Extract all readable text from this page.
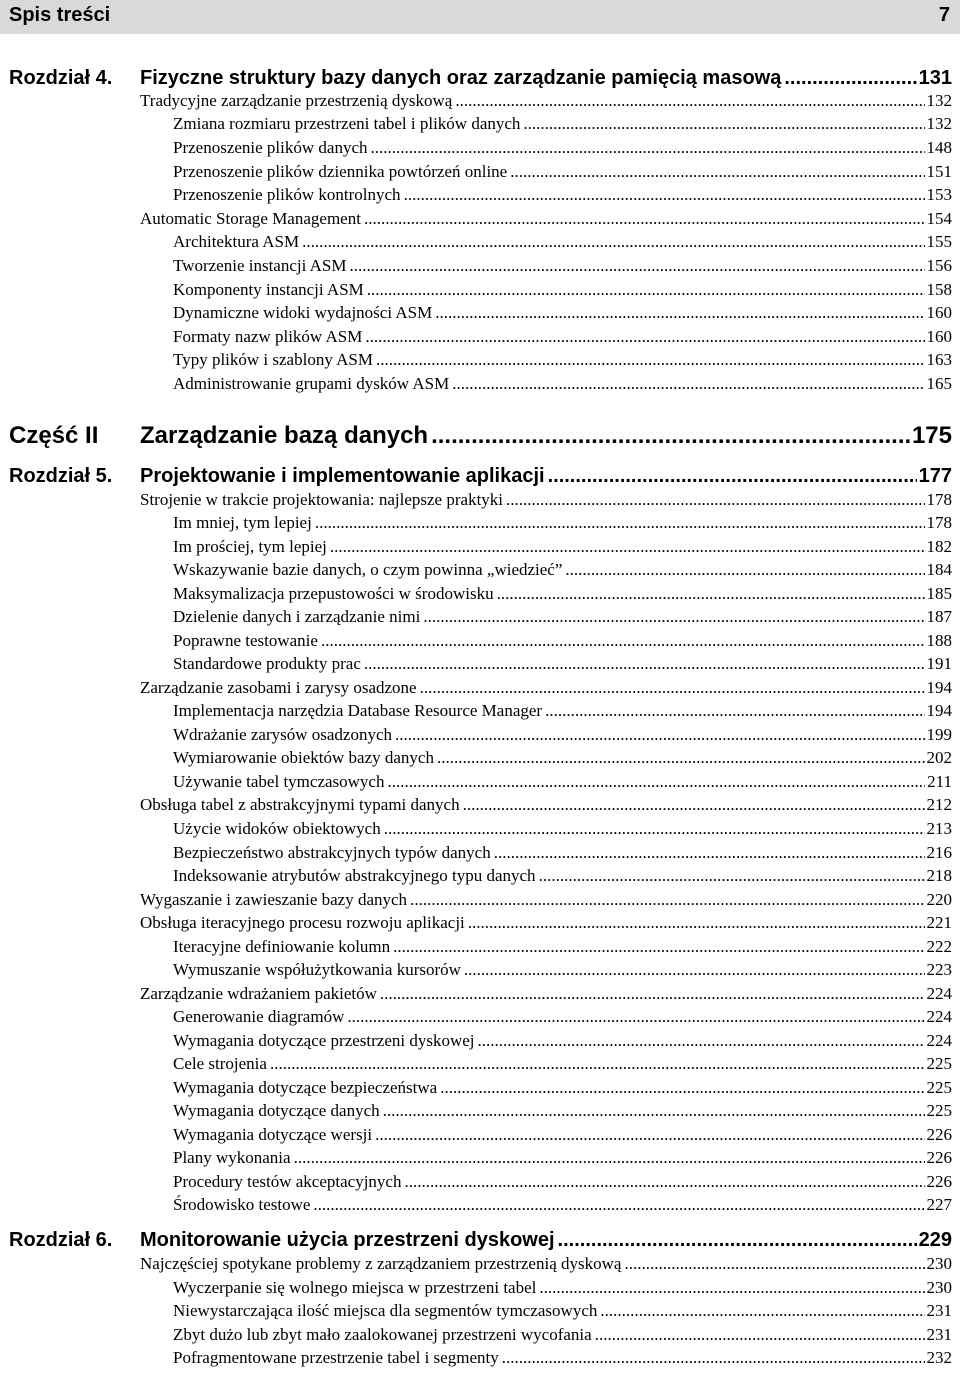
Spis treści	7
Rozdział 4. Fizyczne struktury bazy danych oraz zarządzanie pamięcią masową .....	131
Tradycyjne zarządzanie przestrzenią dyskową .....	132
Zmiana rozmiaru przestrzeni tabel i plików danych .....	132
Przenoszenie plików danych .....	148
Przenoszenie plików dziennika powtórzeń online .....	151
Przenoszenie plików kontrolnych .....	153
Automatic Storage Management .....	154
Architektura ASM .....	155
Tworzenie instancji ASM .....	156
Komponenty instancji ASM .....	158
Dynamiczne widoki wydajności ASM .....	160
Formaty nazw plików ASM .....	160
Typy plików i szablony ASM .....	163
Administrowanie grupami dysków ASM .....	165
Część II Zarządzanie bazą danych .....	175
Rozdział 5. Projektowanie i implementowanie aplikacji .....	177
Strojenie w trakcie projektowania: najlepsze praktyki .....	178
Im mniej, tym lepiej .....	178
Im prościej, tym lepiej .....	182
Wskazywanie bazie danych, o czym powinna „wiedzieć” .....	184
Maksymalizacja przepustowości w środowisku .....	185
Dzielenie danych i zarządzanie nimi .....	187
Poprawne testowanie .....	188
Standardowe produkty prac .....	191
Zarządzanie zasobami i zarysy osadzone .....	194
Implementacja narzędzia Database Resource Manager .....	194
Wdrażanie zarysów osadzonych .....	199
Wymiarowanie obiektów bazy danych .....	202
Używanie tabel tymczasowych .....	211
Obsługa tabel z abstrakcyjnymi typami danych .....	212
Użycie widoków obiektowych .....	213
Bezpieczeństwo abstrakcyjnych typów danych .....	216
Indeksowanie atrybutów abstrakcyjnego typu danych .....	218
Wygaszanie i zawieszanie bazy danych .....	220
Obsługa iteracyjnego procesu rozwoju aplikacji .....	221
Iteracyjne definiowanie kolumn .....	222
Wymuszanie współużytkowania kursorów .....	223
Zarządzanie wdrażaniem pakietów .....	224
Generowanie diagramów .....	224
Wymagania dotyczące przestrzeni dyskowej .....	224
Cele strojenia .....	225
Wymagania dotyczące bezpieczeństwa .....	225
Wymagania dotyczące danych .....	225
Wymagania dotyczące wersji .....	226
Plany wykonania .....	226
Procedury testów akceptacyjnych .....	226
Środowisko testowe .....	227
Rozdział 6. Monitorowanie użycia przestrzeni dyskowej .....	229
Najczęściej spotykane problemy z zarządzaniem przestrzenią dyskową .....	230
Wyczerpanie się wolnego miejsca w przestrzeni tabel .....	230
Niewystarczająca ilość miejsca dla segmentów tymczasowych .....	231
Zbyt dużo lub zbyt mało zaalokowanej przestrzeni wycofania .....	231
Pofragmentowane przestrzenie tabel i segmenty .....	232
